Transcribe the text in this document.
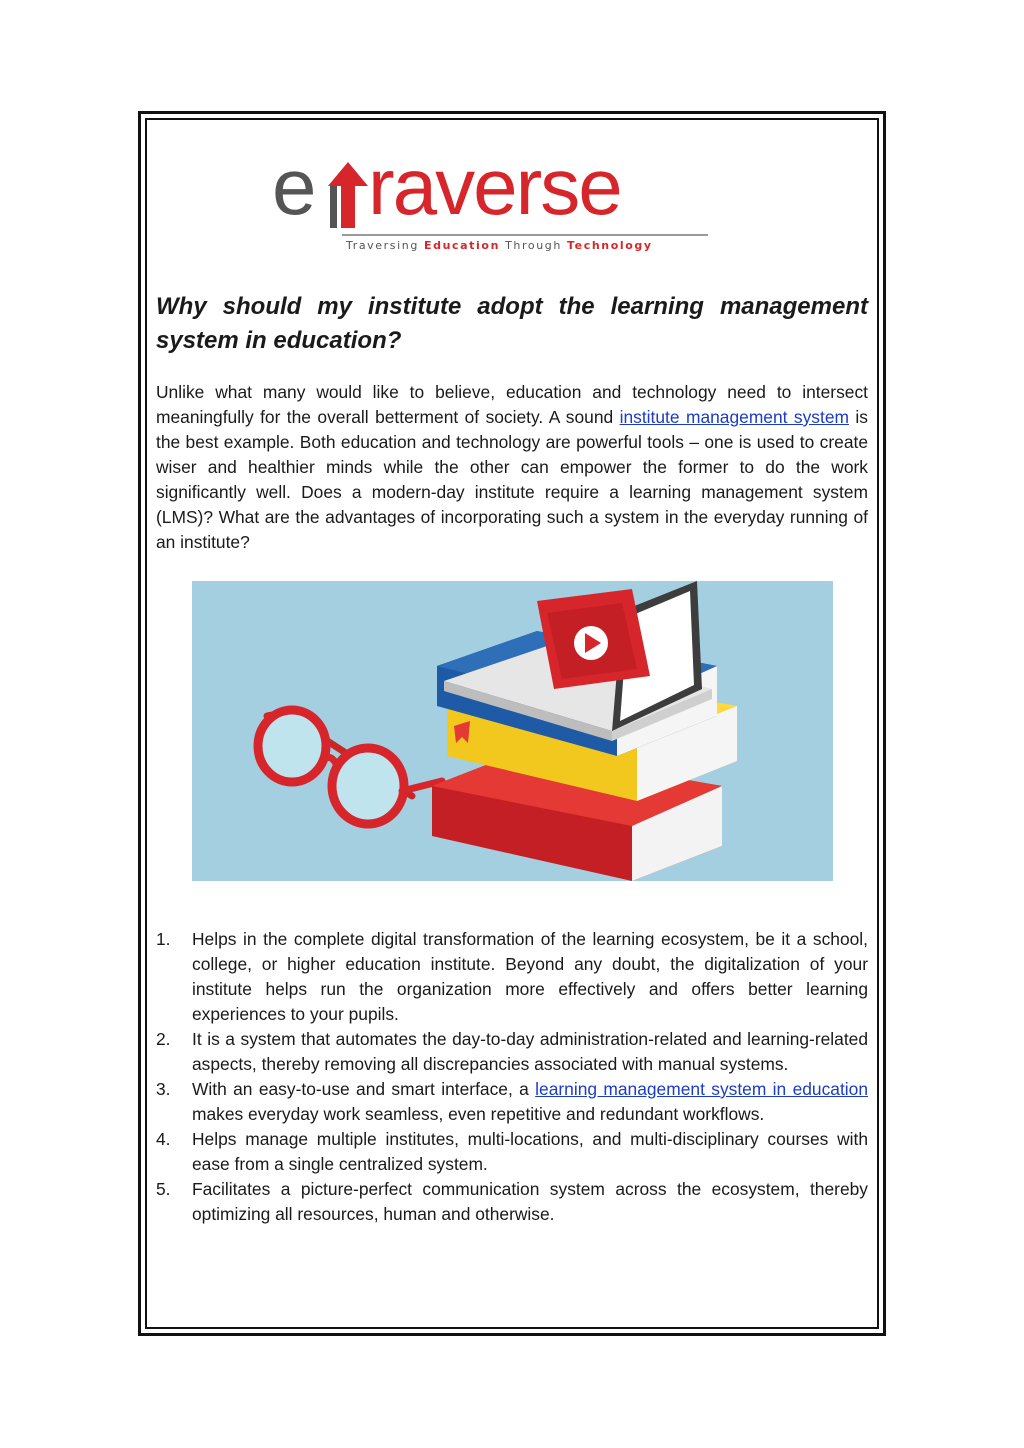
e raverse
Traversing Education Through Technology
Why should my institute adopt the learning management system in education?

Unlike what many would like to believe, education and technology need to intersect meaningfully for the overall betterment of society. A sound institute management system is the best example. Both education and technology are powerful tools – one is used to create wiser and healthier minds while the other can empower the former to do the work significantly well. Does a modern-day institute require a learning management system (LMS)? What are the advantages of incorporating such a system in the everyday running of an institute?

1. Helps in the complete digital transformation of the learning ecosystem, be it a school, college, or higher education institute. Beyond any doubt, the digitalization of your institute helps run the organization more effectively and offers better learning experiences to your pupils.
2. It is a system that automates the day-to-day administration-related and learning-related aspects, thereby removing all discrepancies associated with manual systems.
3. With an easy-to-use and smart interface, a learning management system in education makes everyday work seamless, even repetitive and redundant workflows.
4. Helps manage multiple institutes, multi-locations, and multi-disciplinary courses with ease from a single centralized system.
5. Facilitates a picture-perfect communication system across the ecosystem, thereby optimizing all resources, human and otherwise.
